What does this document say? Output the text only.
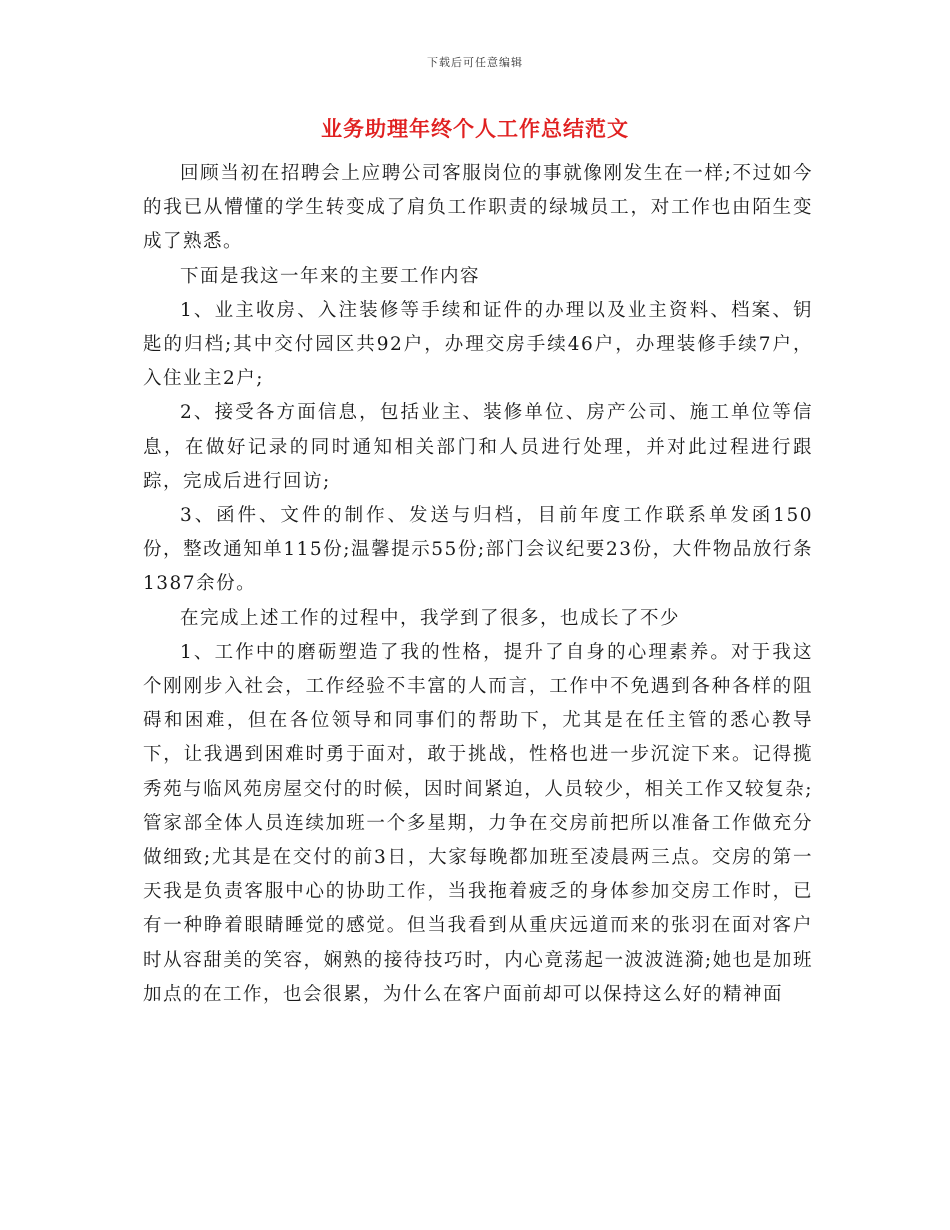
下载后可任意编辑
业务助理年终个人工作总结范文

回顾当初在招聘会上应聘公司客服岗位的事就像刚发生在一样;不过如今的我已从懵懂的学生转变成了肩负工作职责的绿城员工，对工作也由陌生变成了熟悉。

下面是我这一年来的主要工作内容

1、业主收房、入注装修等手续和证件的办理以及业主资料、档案、钥匙的归档;其中交付园区共92户，办理交房手续46户，办理装修手续7户，入住业主2户;

2、接受各方面信息，包括业主、装修单位、房产公司、施工单位等信息，在做好记录的同时通知相关部门和人员进行处理，并对此过程进行跟踪，完成后进行回访;

3、函件、文件的制作、发送与归档，目前年度工作联系单发函150份，整改通知单115份;温馨提示55份;部门会议纪要23份，大件物品放行条1387余份。

在完成上述工作的过程中，我学到了很多，也成长了不少

1、工作中的磨砺塑造了我的性格，提升了自身的心理素养。对于我这个刚刚步入社会，工作经验不丰富的人而言，工作中不免遇到各种各样的阻碍和困难，但在各位领导和同事们的帮助下，尤其是在任主管的悉心教导下，让我遇到困难时勇于面对，敢于挑战，性格也进一步沉淀下来。记得揽秀苑与临风苑房屋交付的时候，因时间紧迫，人员较少，相关工作又较复杂;管家部全体人员连续加班一个多星期，力争在交房前把所以准备工作做充分做细致;尤其是在交付的前3日，大家每晚都加班至凌晨两三点。交房的第一天我是负责客服中心的协助工作，当我拖着疲乏的身体参加交房工作时，已有一种睁着眼睛睡觉的感觉。但当我看到从重庆远道而来的张羽在面对客户时从容甜美的笑容，娴熟的接待技巧时，内心竟荡起一波波涟漪;她也是加班加点的在工作，也会很累，为什么在客户面前却可以保持这么好的精神面
